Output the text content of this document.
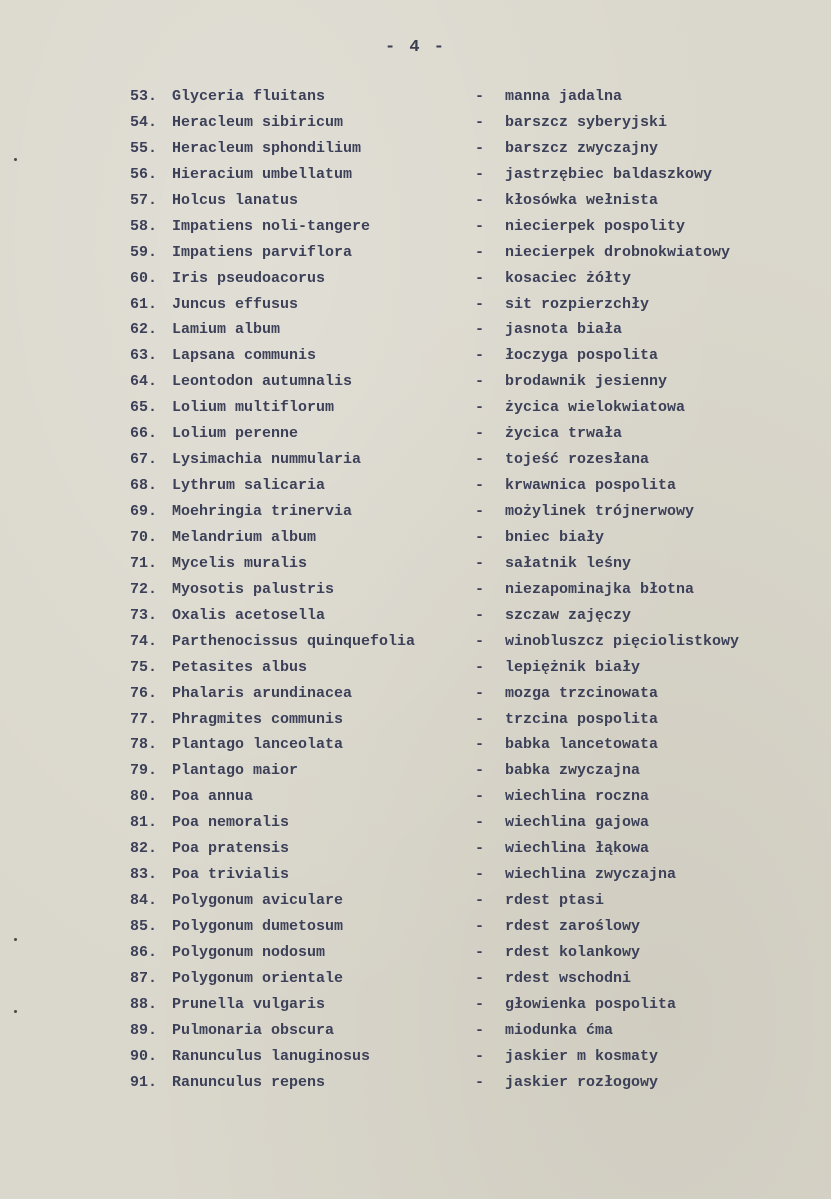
- 4 -
53. Glyceria fluitans	-	manna jadalna
54. Heracleum sibiricum	-	barszcz syberyjski
55. Heracleum sphondilium	-	barszcz zwyczajny
56. Hieracium umbellatum	-	jastrzębiec baldaszkowy
57. Holcus lanatus	-	kłosówka wełnista
58. Impatiens noli-tangere	-	niecierpek pospolity
59. Impatiens parviflora	-	niecierpek drobnokwiatowy
60. Iris pseudoacorus	-	kosaciec żółty
61. Juncus effusus	-	sit rozpierzchły
62. Lamium album	-	jasnota biała
63. Lapsana communis	-	łoczyga pospolita
64. Leontodon autumnalis	-	brodawnik jesienny
65. Lolium multiflorum	-	życica wielokwiatowa
66. Lolium perenne	-	życica trwała
67. Lysimachia nummularia	-	tojeść rozesłana
68. Lythrum salicaria	-	krwawnica pospolita
69. Moehringia trinervia	-	możylinek trójnerwowy
70. Melandrium album	-	bniec biały
71. Mycelis muralis	-	sałatnik leśny
72. Myosotis palustris	-	niezapominajka błotna
73. Oxalis acetosella	-	szczaw zajęczy
74. Parthenocissus quinquefolia	-	winobluszcz pięciolistkowy
75. Petasites albus	-	lepiężnik biały
76. Phalaris arundinacea	-	mozga trzcinowata
77. Phragmites communis	-	trzcina pospolita
78. Plantago lanceolata	-	babka lancetowata
79. Plantago maior	-	babka zwyczajna
80. Poa annua	-	wiechlina roczna
81. Poa nemoralis	-	wiechlina gajowa
82. Poa pratensis	-	wiechlina łąkowa
83. Poa trivialis	-	wiechlina zwyczajna
84. Polygonum aviculare	-	rdest ptasi
85. Polygonum dumetosum	-	rdest zaroślowy
86. Polygonum nodosum	-	rdest kolankowy
87. Polygonum orientale	-	rdest wschodni
88. Prunella vulgaris	-	głowienka pospolita
89. Pulmonaria obscura	-	miodunka ćma
90. Ranunculus lanuginosus	-	jaskier m kosmaty
91. Ranunculus repens	-	jaskier rozłogowy
